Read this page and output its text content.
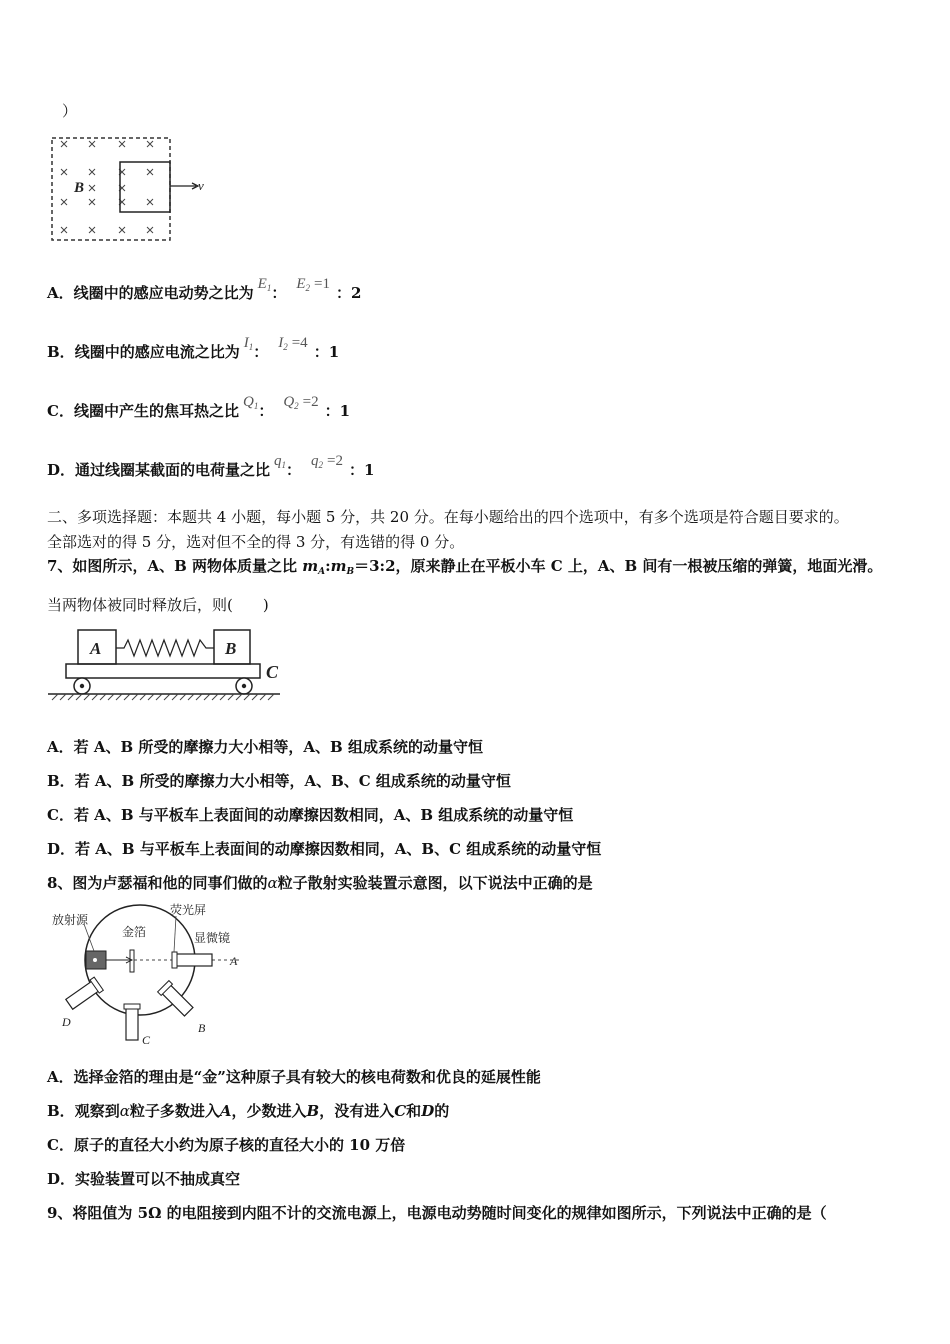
）
B	v
A．线圈中的感应电动势之比为 $E_1$： $E_2 =1$ ：2
B．线圈中的感应电流之比为 $I_1$： $I_2 =4$ ：1
C．线圈中产生的焦耳热之比 $Q_1$： $Q_2 =2$ ：1
D．通过线圈某截面的电荷量之比 $q_1$： $q_2 =2$ ：1
二、多项选择题：本题共 4 小题，每小题 5 分，共 20 分。在每小题给出的四个选项中，有多个选项是符合题目要求的。
全部选对的得 5 分，选对但不全的得 3 分，有选错的得 0 分。
7、如图所示，A、B 两物体质量之比 $m_A:m_B=3:2$，原来静止在平板小车 C 上，A、B 间有一根被压缩的弹簧，地面光滑。
当两物体被同时释放后，则(　　)
A	B
C
A．若 A、B 所受的摩擦力大小相等，A、B 组成系统的动量守恒
B．若 A、B 所受的摩擦力大小相等，A、B、C 组成系统的动量守恒
C．若 A、B 与平板车上表面间的动摩擦因数相同，A、B 组成系统的动量守恒
D．若 A、B 与平板车上表面间的动摩擦因数相同，A、B、C 组成系统的动量守恒
8、图为卢瑟福和他的同事们做的α粒子散射实验装置示意图，以下说法中正确的是
放射源
金箔
荧光屏
显微镜
A
B
C
D
A．选择金箔的理由是“金”这种原子具有较大的核电荷数和优良的延展性能
B．观察到α粒子多数进入A，少数进入B，没有进入C和D的
C．原子的直径大小约为原子核的直径大小的 10 万倍
D．实验装置可以不抽成真空
9、将阻值为 5Ω 的电阻接到内阻不计的交流电源上，电源电动势随时间变化的规律如图所示，下列说法中正确的是（
